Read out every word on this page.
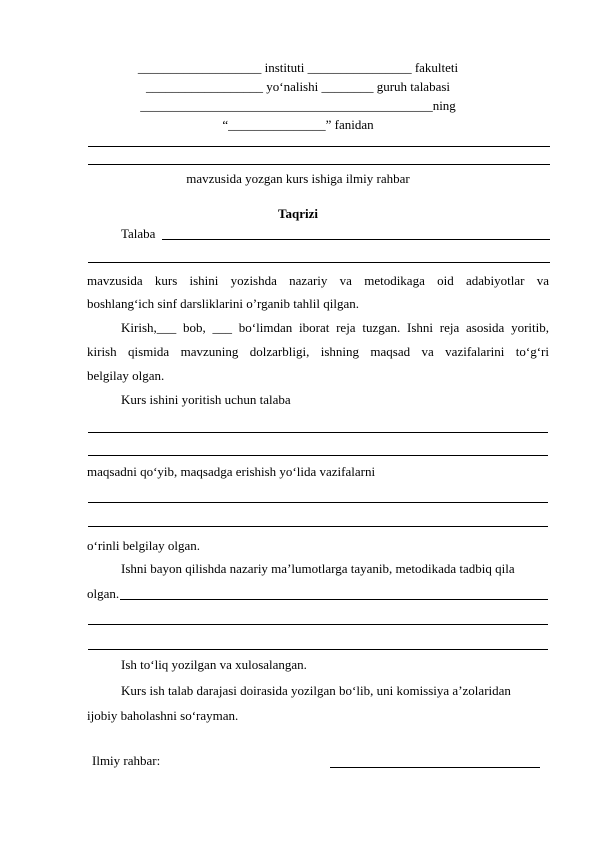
___________________ instituti ________________ fakulteti
__________________ yo‘nalishi ________ guruh talabasi
_____________________________________________ning
“_______________” fanidan
mavzusida yozgan kurs ishiga ilmiy rahbar
Taqrizi
Talaba
mavzusida kurs ishini yozishda nazariy va metodikaga oid adabiyotlar va
boshlang‘ich sinf darsliklarini o’rganib tahlil qilgan.
Kirish,___ bob, ___ bo‘limdan iborat reja tuzgan. Ishni reja asosida yoritib,
kirish qismida mavzuning dolzarbligi, ishning maqsad va vazifalarini to‘g‘ri
belgilay olgan.
Kurs ishini yoritish uchun talaba
maqsadni qo‘yib, maqsadga erishish yo‘lida vazifalarni
o‘rinli belgilay olgan.
Ishni bayon qilishda nazariy ma’lumotlarga tayanib, metodikada tadbiq qila
olgan.
Ish to‘liq yozilgan va xulosalangan.
Kurs ish talab darajasi doirasida yozilgan bo‘lib, uni komissiya a’zolaridan
ijobiy baholashni so‘rayman.
Ilmiy rahbar:
